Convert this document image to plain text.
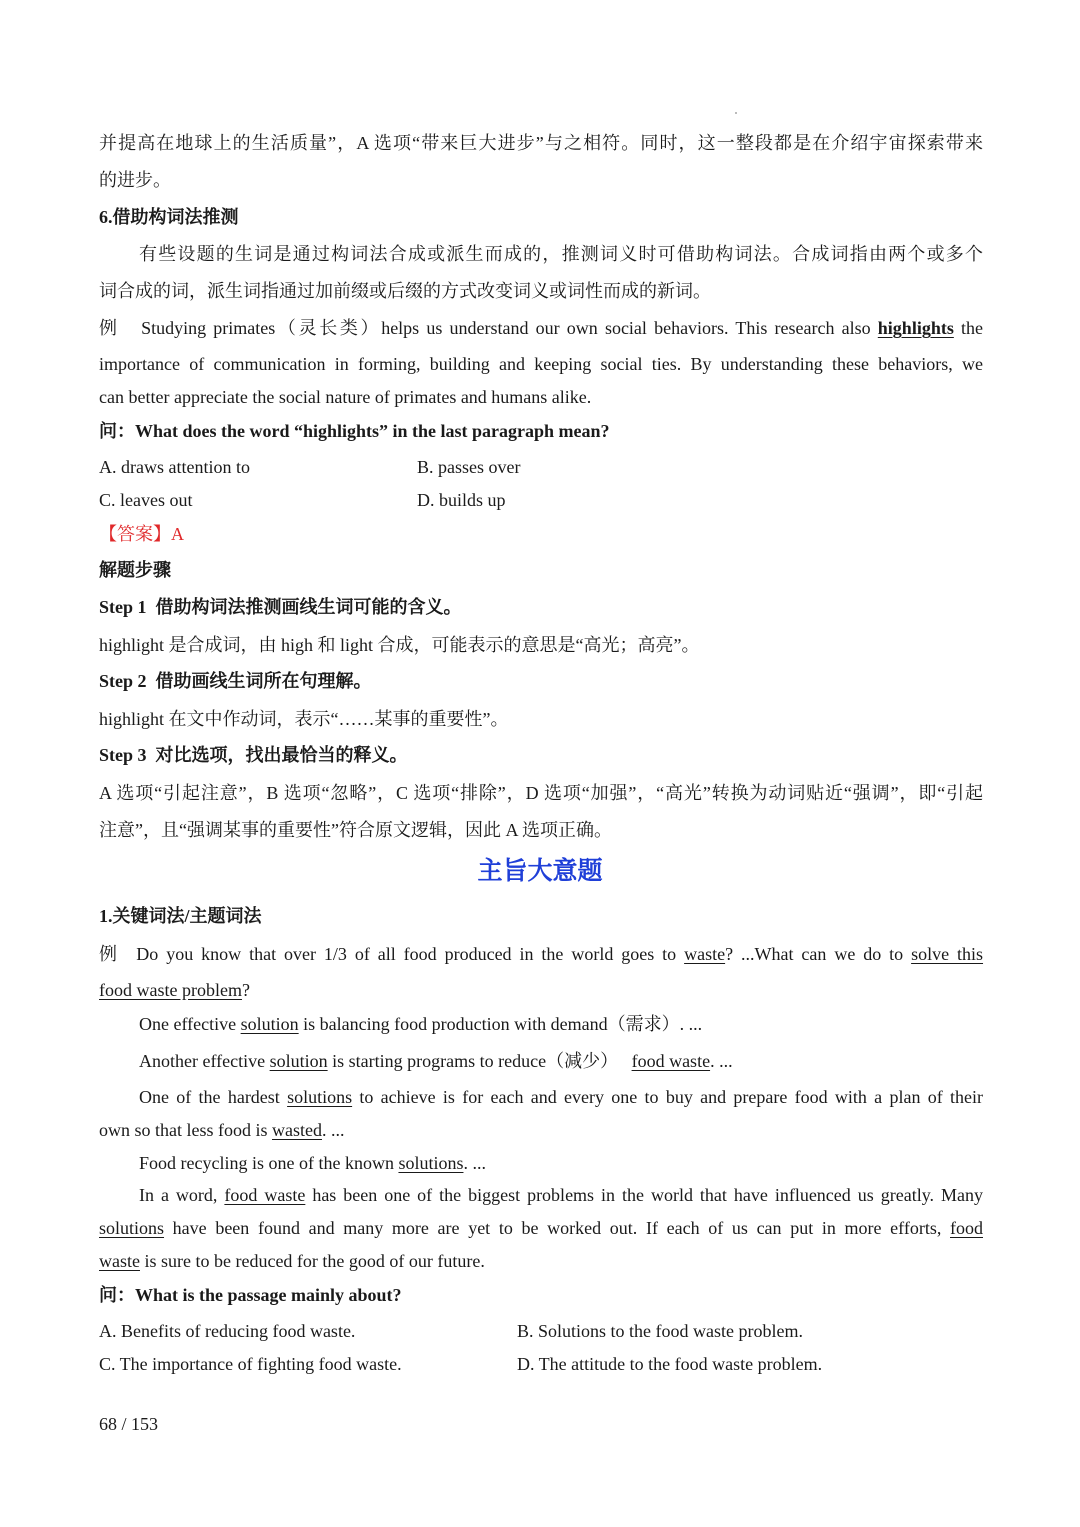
并提高在地球上的生活质量”，A 选项“带来巨大进步”与之相符。同时，这一整段都是在介绍宇宙探索带来
的进步。
6.借助构词法推测
有些设题的生词是通过构词法合成或派生而成的，推测词义时可借助构词法。合成词指由两个或多个
词合成的词，派生词指通过加前缀或后缀的方式改变词义或词性而成的新词。
例 Studying primates（灵长类）helps us understand our own social behaviors. This research also highlights the
importance of communication in forming, building and keeping social ties. By understanding these behaviors, we
can better appreciate the social nature of primates and humans alike.
问：What does the word “highlights” in the last paragraph mean?
A. draws attention to	B. passes over
C. leaves out	D. builds up
【答案】A
解题步骤
Step 1 借助构词法推测画线生词可能的含义。
highlight 是合成词，由 high 和 light 合成，可能表示的意思是“高光；高亮”。
Step 2 借助画线生词所在句理解。
highlight 在文中作动词，表示“……某事的重要性”。
Step 3 对比选项，找出最恰当的释义。
A 选项“引起注意”，B 选项“忽略”，C 选项“排除”，D 选项“加强”，“高光”转换为动词贴近“强调”，即“引起
注意”，且“强调某事的重要性”符合原文逻辑，因此 A 选项正确。
主旨大意题
1.关键词法/主题词法
例 Do you know that over 1/3 of all food produced in the world goes to waste? ...What can we do to solve this
food waste problem?
One effective solution is balancing food production with demand（需求）. ...
Another effective solution is starting programs to reduce（减少）   food waste. ...
One of the hardest solutions to achieve is for each and every one to buy and prepare food with a plan of their
own so that less food is wasted. ...
Food recycling is one of the known solutions. ...
In a word, food waste has been one of the biggest problems in the world that have influenced us greatly. Many
solutions have been found and many more are yet to be worked out. If each of us can put in more efforts, food
waste is sure to be reduced for the good of our future.
问：What is the passage mainly about?
A. Benefits of reducing food waste.	B. Solutions to the food waste problem.
C. The importance of fighting food waste.	D. The attitude to the food waste problem.
68 / 153
